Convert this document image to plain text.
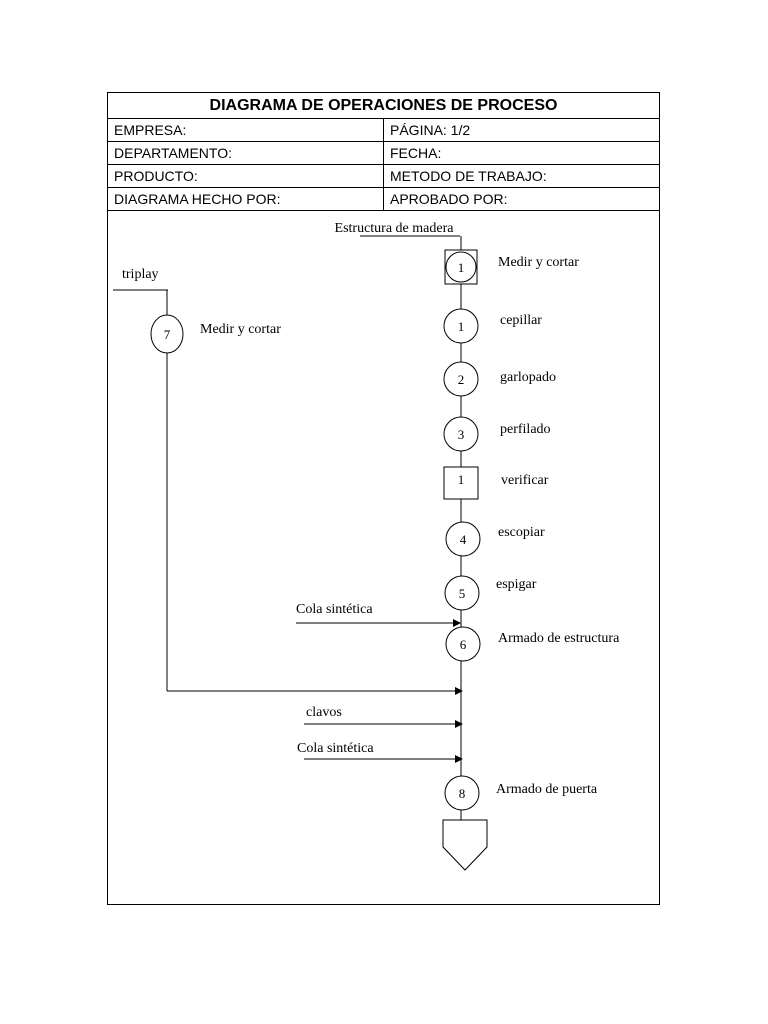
DIAGRAMA DE OPERACIONES DE PROCESO	
EMPRESA:	PÁGINA: 1/2
DEPARTAMENTO:	FECHA:
PRODUCTO:	METODO DE TRABAJO:
DIAGRAMA HECHO POR:	APROBADO POR:
Estructura de madera
triplay	1 Medir y cortar
1	cepillar
2	garlopado
3	perfilado
1	verificar
4 escopiar
5
espigar
6 Armado de estructura
8 Armado de puerta
7 Medir y cortar
Cola sintética
clavos
Cola sintética
